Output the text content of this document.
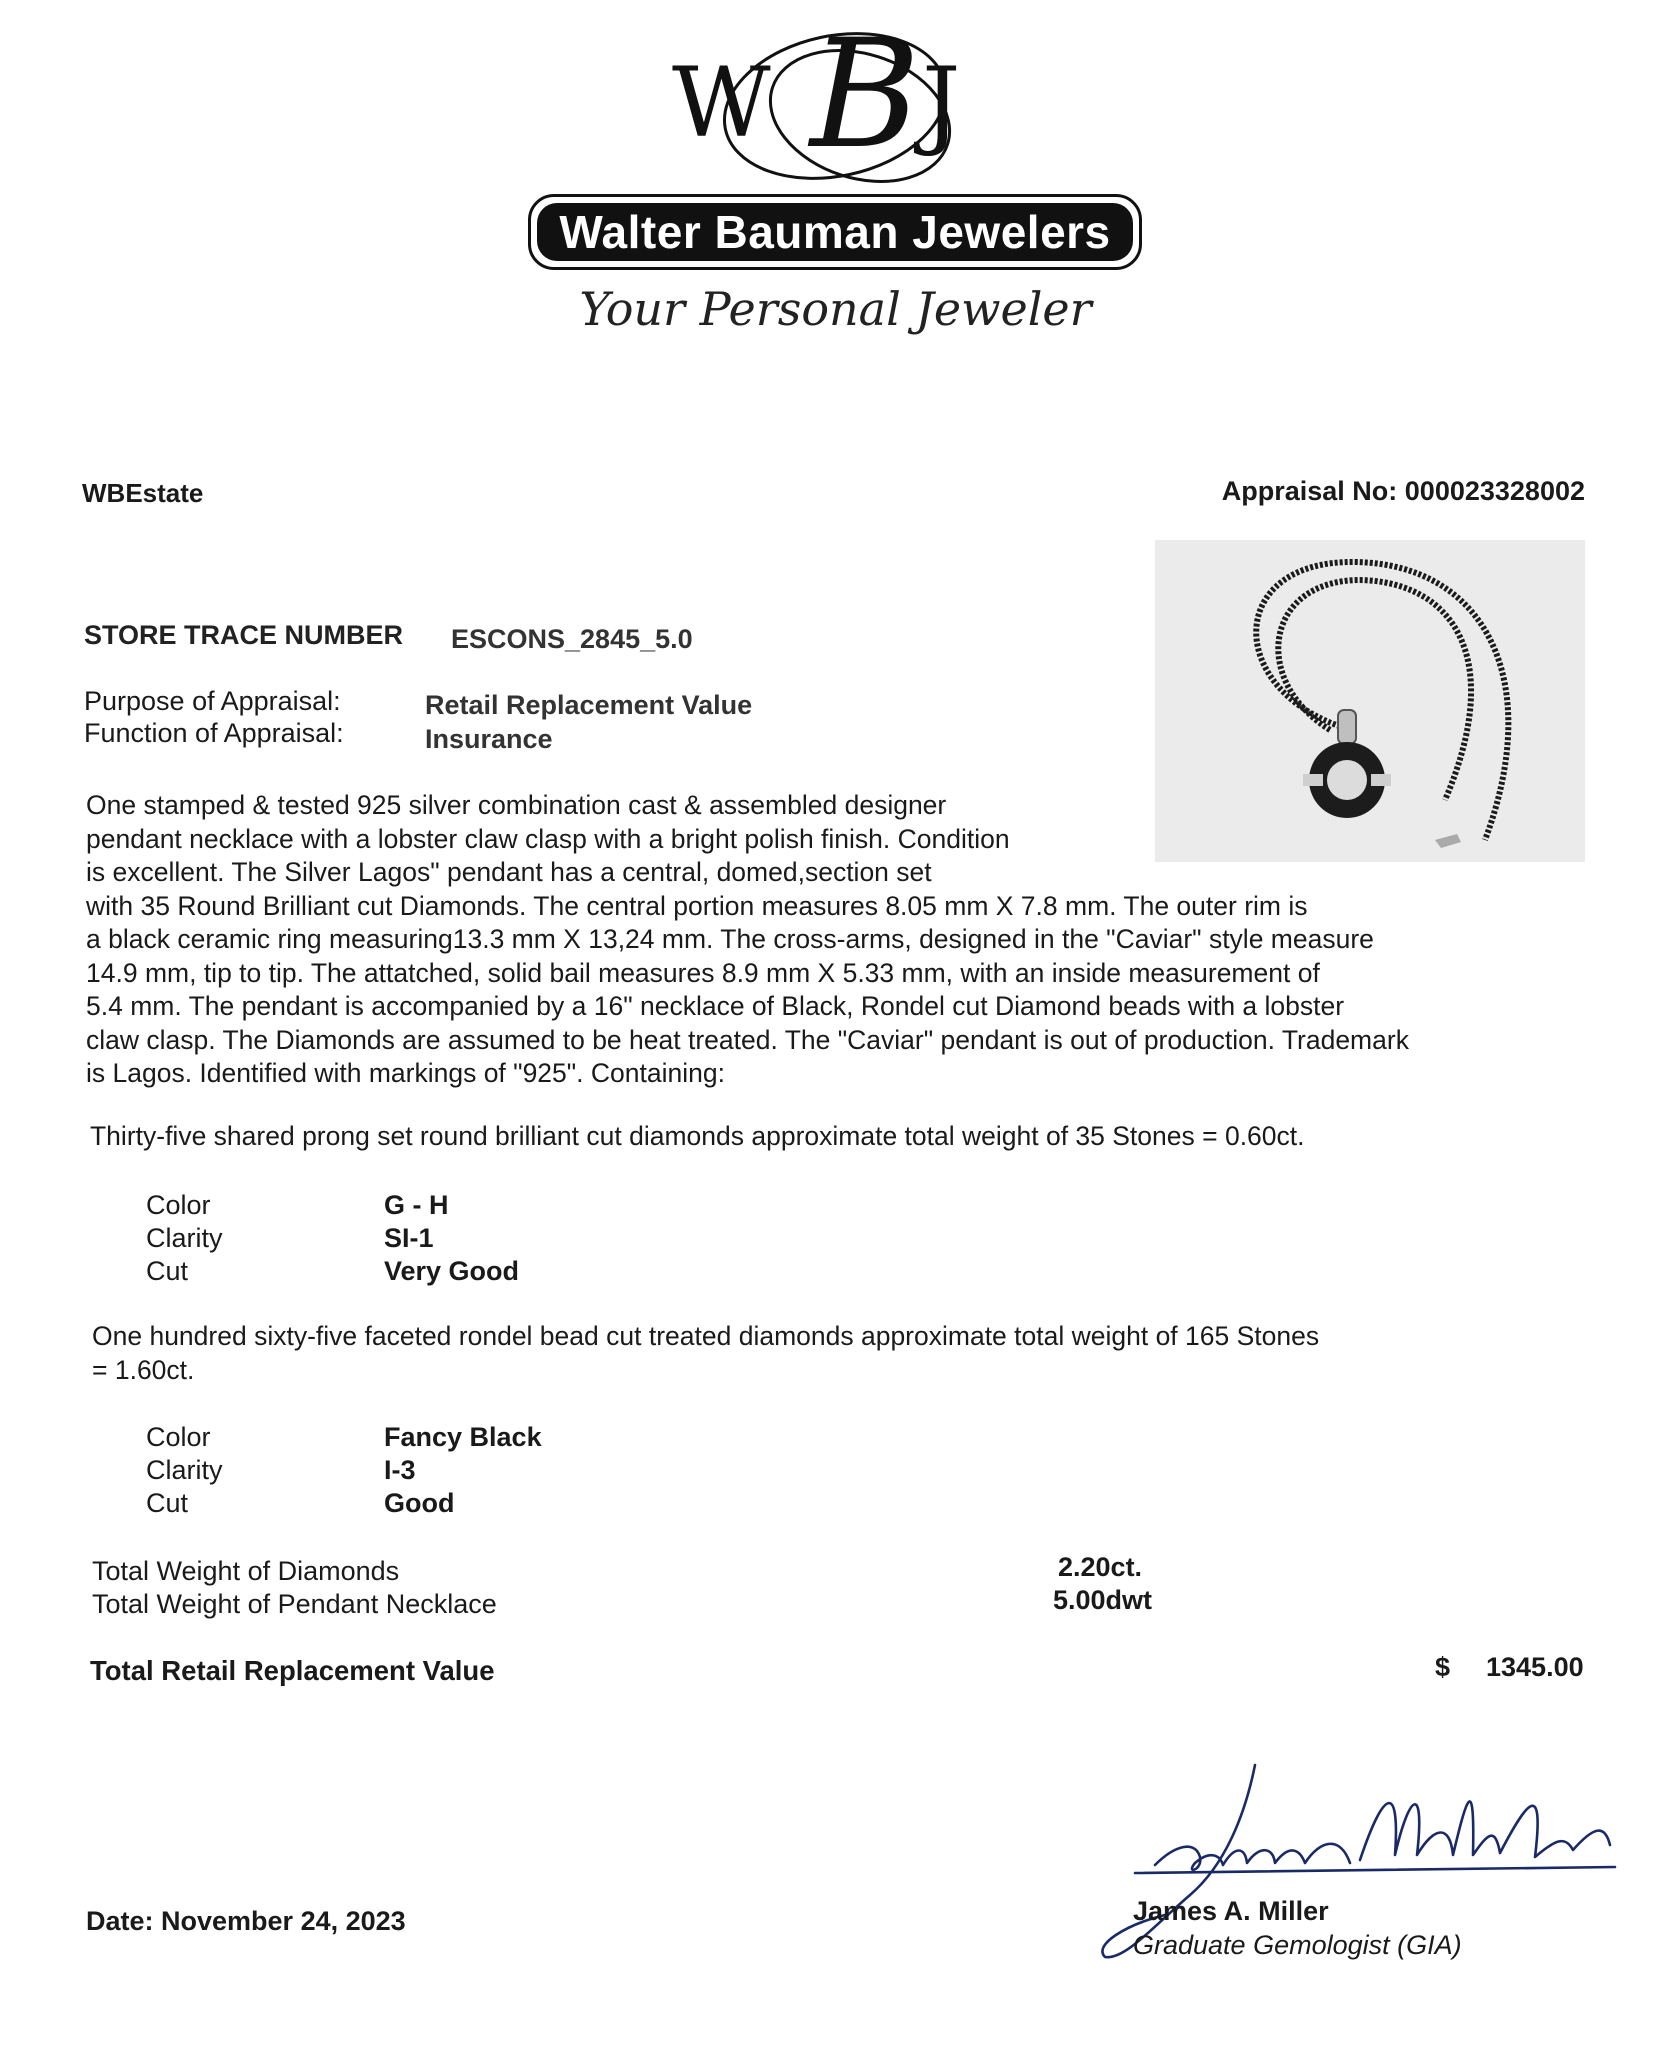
W B J
Walter Bauman Jewelers
Your Personal Jeweler
WBEstate	Appraisal No: 000023328002
STORE TRACE NUMBER ESCONS_2845_5.0
Purpose of Appraisal:	Retail Replacement Value
Function of Appraisal:	Insurance

One stamped & tested 925 silver combination cast & assembled designer

pendant necklace with a lobster claw clasp with a bright polish finish. Condition

is excellent. The Silver Lagos" pendant has a central, domed,section set

with 35 Round Brilliant cut Diamonds. The central portion measures 8.05 mm X 7.8 mm. The outer rim is

a black ceramic ring measuring13.3 mm X 13,24 mm. The cross-arms, designed in the "Caviar" style measure

14.9 mm, tip to tip. The attatched, solid bail measures 8.9 mm X 5.33 mm, with an inside measurement of

5.4 mm. The pendant is accompanied by a 16" necklace of Black, Rondel cut Diamond beads with a lobster

claw clasp. The Diamonds are assumed to be heat treated. The "Caviar" pendant is out of production. Trademark

is Lagos. Identified with markings of "925". Containing:

Thirty-five shared prong set round brilliant cut diamonds approximate total weight of 35 Stones = 0.60ct.
Color	G - H
Clarity	SI-1
Cut	Very Good
One hundred sixty-five faceted rondel bead cut treated diamonds approximate total weight of 165 Stones
= 1.60ct.
Color	Fancy Black
Clarity	I-3
Cut	Good
Total Weight of Diamonds	2.20ct.
Total Weight of Pendant Necklace	5.00dwt
Total Retail Replacement Value	$ 1345.00
James A. Miller
Graduate Gemologist (GIA)
Date: November 24, 2023
